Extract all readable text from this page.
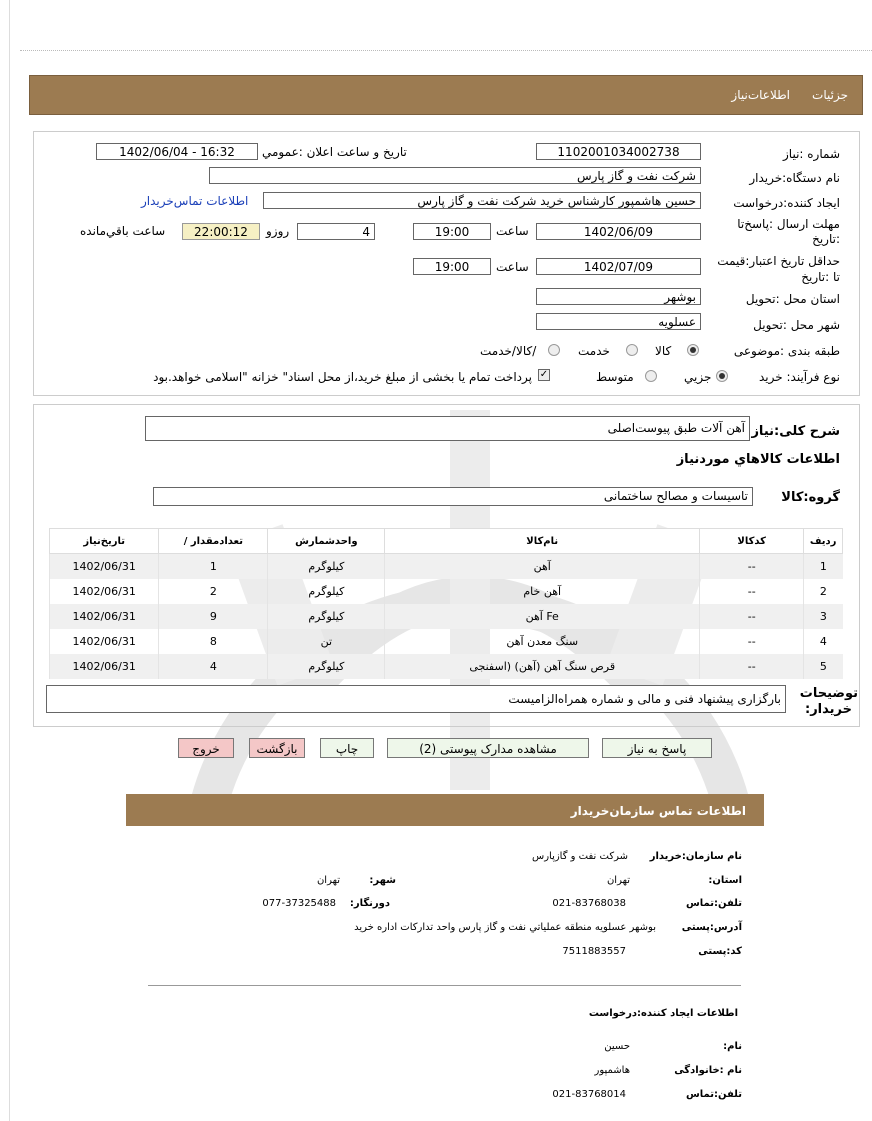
جزئیات
اطلاعات‌نیاز
شماره :نیاز
1102001034002738
تاريخ و ساعت اعلان :عمومي
1402/06/04 - 16:32
نام دستگاه:خريدار
شرکت نفت و گاز پارس
ايجاد کننده:درخواست
حسین هاشمپور کارشناس خرید شرکت نفت و گاز پارس
اطلاعات تماس‌خريدار
مهلت ارسال :پاسخ‌تا
:تاريخ
1402/06/09
ساعت
19:00
4
روزو
22:00:12
ساعت باقي‌مانده
حداقل تاريخ اعتبار:قيمت
تا :تاريخ
1402/07/09
ساعت
19:00
استان محل :تحويل
بوشهر
شهر محل :تحويل
عسلويه
طبقه بندی :موضوعی
کالا
خدمت
کالا/خدمت/
نوع فرآيند: خريد
جزيي
متوسط
✓
پرداخت تمام يا بخشی از مبلغ خريد،از محل اسناد" خزانه "اسلامی خواهد.بود
شرح کلی:نیاز
آهن آلات طبق پیوست‌اصلی
اطلاعات کالاهاي موردنياز
گروه:کالا
تاسیسات و مصالح ساختمانی
تاريخ‌نياز	/ تعدادمقدار	واحدشمارش	نام‌کالا	کدکالا	رديف
1402/06/31	1	کيلوگرم	آهن	--	1
1402/06/31	2	کيلوگرم	آهن خام	--	2
1402/06/31	9	کيلوگرم	آهن Fe	--	3
1402/06/31	8	تن	سنگ معدن آهن	--	4
1402/06/31	4	کيلوگرم	قرص سنگ آهن (آهن) (اسفنجی	--	5
توضیحات
:خریدار
بارگزاری پیشنهاد فنی و مالی و شماره همراه‌الزامیست
پاسخ به نياز
مشاهده مدارک پيوستی (2)
چاپ
بازگشت
خروج
اطلاعات تماس سازمان‌خريدار
نام سازمان:خریدار
شرکت نفت و گازپارس
:استان
تهران
:شهر
تهران
تلفن:تماس
021-83768038
:دورنگار
077-37325488
آدرس:پستی
بوشهر عسلويه منطقه عملياتي نفت و گاز پارس واحد تداركات اداره خريد
کد:پستی
7511883557
اطلاعات ایجاد کننده:درخواست
:نام
حسين
نام :خانوادگی
هاشمپور
تلفن:تماس
021-83768014
